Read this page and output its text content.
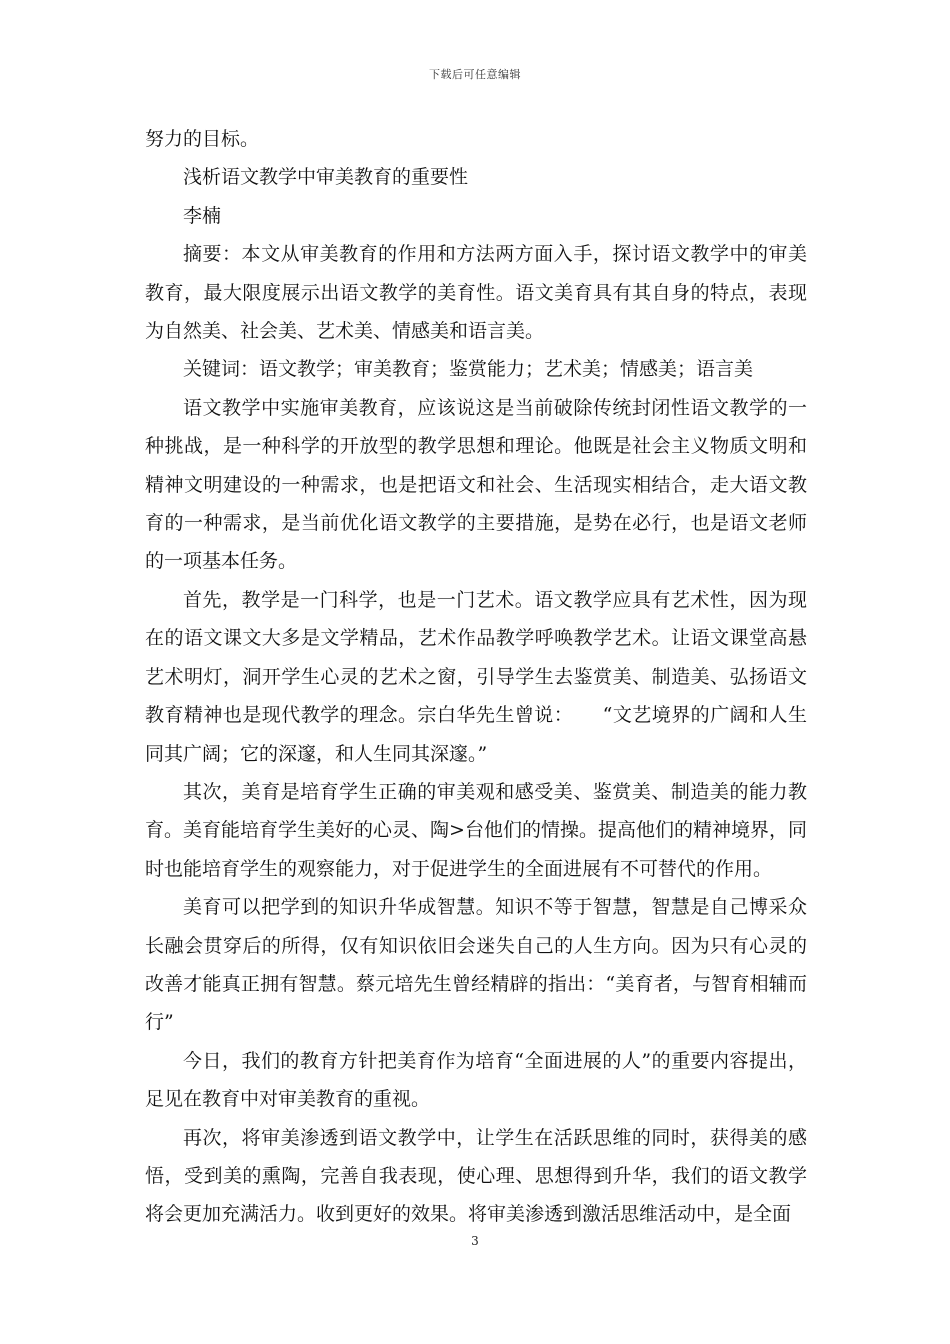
下载后可任意编辑

努力的目标。

浅析语文教学中审美教育的重要性

李楠

摘要：本文从审美教育的作用和方法两方面入手，探讨语文教学中的审美教育，最大限度展示出语文教学的美育性。语文美育具有其自身的特点，表现为自然美、社会美、艺术美、情感美和语言美。

关键词：语文教学；审美教育；鉴赏能力；艺术美；情感美；语言美

语文教学中实施审美教育，应该说这是当前破除传统封闭性语文教学的一种挑战，是一种科学的开放型的教学思想和理论。他既是社会主义物质文明和精神文明建设的一种需求，也是把语文和社会、生活现实相结合，走大语文教育的一种需求，是当前优化语文教学的主要措施，是势在必行，也是语文老师的一项基本任务。

首先，教学是一门科学，也是一门艺术。语文教学应具有艺术性，因为现在的语文课文大多是文学精品，艺术作品教学呼唤教学艺术。让语文课堂高悬艺术明灯，洞开学生心灵的艺术之窗，引导学生去鉴赏美、制造美、弘扬语文教育精神也是现代教学的理念。宗白华先生曾说：　　“文艺境界的广阔和人生同其广阔；它的深邃，和人生同其深邃。”

其次，美育是培育学生正确的审美观和感受美、鉴赏美、制造美的能力教育。美育能培育学生美好的心灵、陶>台他们的情操。提高他们的精神境界，同时也能培育学生的观察能力，对于促进学生的全面进展有不可替代的作用。

美育可以把学到的知识升华成智慧。知识不等于智慧，智慧是自己博采众长融会贯穿后的所得，仅有知识依旧会迷失自己的人生方向。因为只有心灵的改善才能真正拥有智慧。蔡元培先生曾经精辟的指出：“美育者，与智育相辅而行”

今日，我们的教育方针把美育作为培育“全面进展的人”的重要内容提出，足见在教育中对审美教育的重视。

再次，将审美渗透到语文教学中，让学生在活跃思维的同时，获得美的感悟，受到美的熏陶，完善自我表现，使心理、思想得到升华，我们的语文教学将会更加充满活力。收到更好的效果。将审美渗透到激活思维活动中，是全面

3
